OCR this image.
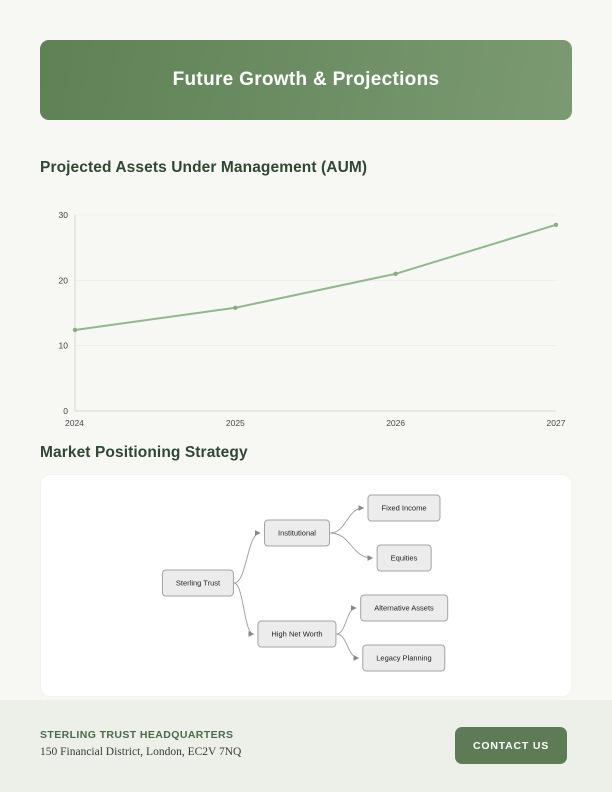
Future Growth & Projections
Projected Assets Under Management (AUM)
0
10
20
30
2024	2025	2026	2027
Market Positioning Strategy
Sterling Trust
Institutional
High Net Worth
Fixed Income
Equities
Alternative Assets
Legacy Planning
STERLING TRUST HEADQUARTERS
150 Financial District, London, EC2V 7NQ
CONTACT US
